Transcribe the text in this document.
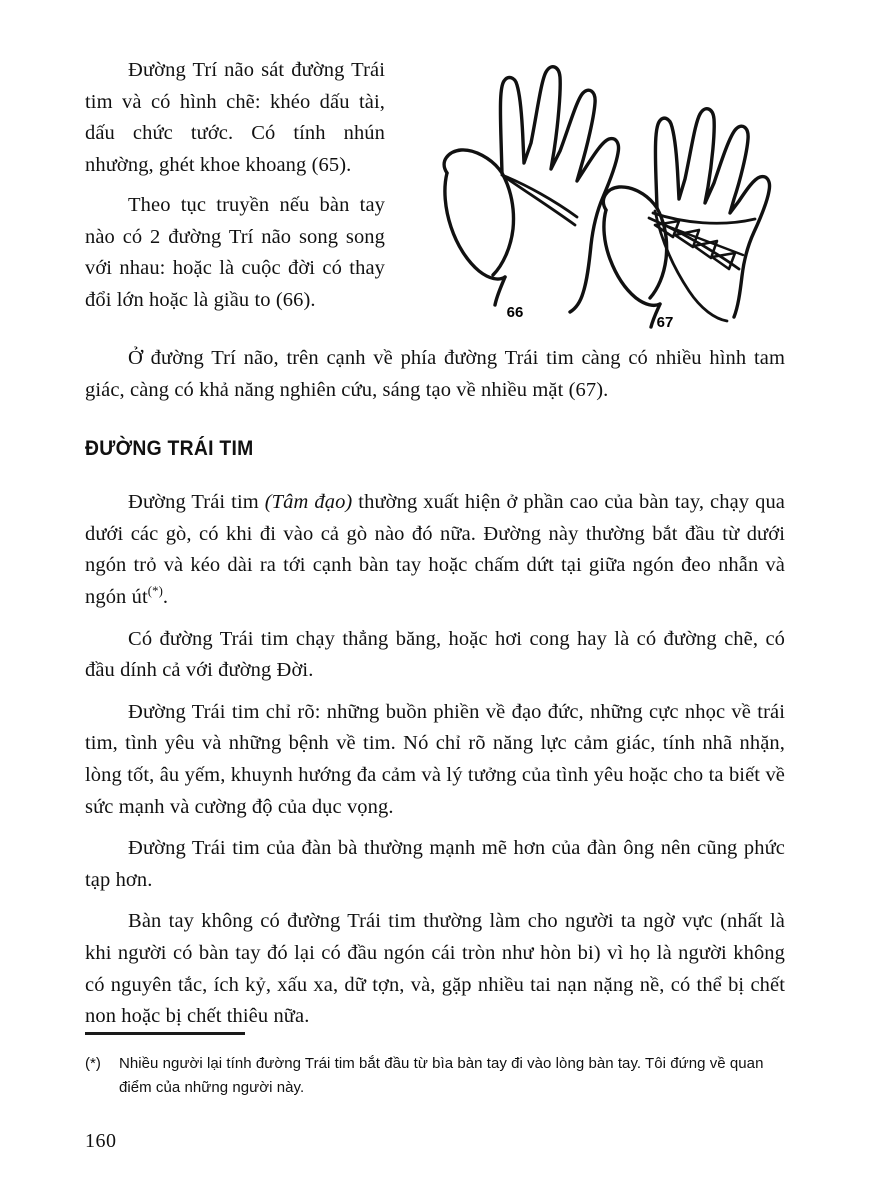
Đường Trí não sát đường Trái tim và có hình chẽ: khéo dấu tài, dấu chức tước. Có tính nhún nhường, ghét khoe khoang (65).

Theo tục truyền nếu bàn tay nào có 2 đường Trí não song song với nhau: hoặc là cuộc đời có thay đổi lớn hoặc là giầu to (66).

66
67

Ở đường Trí não, trên cạnh về phía đường Trái tim càng có nhiều hình tam giác, càng có khả năng nghiên cứu, sáng tạo về nhiều mặt (67).

ĐƯỜNG TRÁI TIM

Đường Trái tim (Tâm đạo) thường xuất hiện ở phần cao của bàn tay, chạy qua dưới các gò, có khi đi vào cả gò nào đó nữa. Đường này thường bắt đầu từ dưới ngón trỏ và kéo dài ra tới cạnh bàn tay hoặc chấm dứt tại giữa ngón đeo nhẫn và ngón út(*).

Có đường Trái tim chạy thẳng băng, hoặc hơi cong hay là có đường chẽ, có đầu dính cả với đường Đời.

Đường Trái tim chỉ rõ: những buồn phiền về đạo đức, những cực nhọc về trái tim, tình yêu và những bệnh về tim. Nó chỉ rõ năng lực cảm giác, tính nhã nhặn, lòng tốt, âu yếm, khuynh hướng đa cảm và lý tưởng của tình yêu hoặc cho ta biết về sức mạnh và cường độ của dục vọng.

Đường Trái tim của đàn bà thường mạnh mẽ hơn của đàn ông nên cũng phức tạp hơn.

Bàn tay không có đường Trái tim thường làm cho người ta ngờ vực (nhất là khi người có bàn tay đó lại có đầu ngón cái tròn như hòn bi) vì họ là người không có nguyên tắc, ích kỷ, xấu xa, dữ tợn, và, gặp nhiều tai nạn nặng nề, có thể bị chết non hoặc bị chết thiêu nữa.

(*)	Nhiều người lại tính đường Trái tim bắt đầu từ bìa bàn tay đi vào lòng bàn tay. Tôi đứng về quan điểm của những người này.
160
